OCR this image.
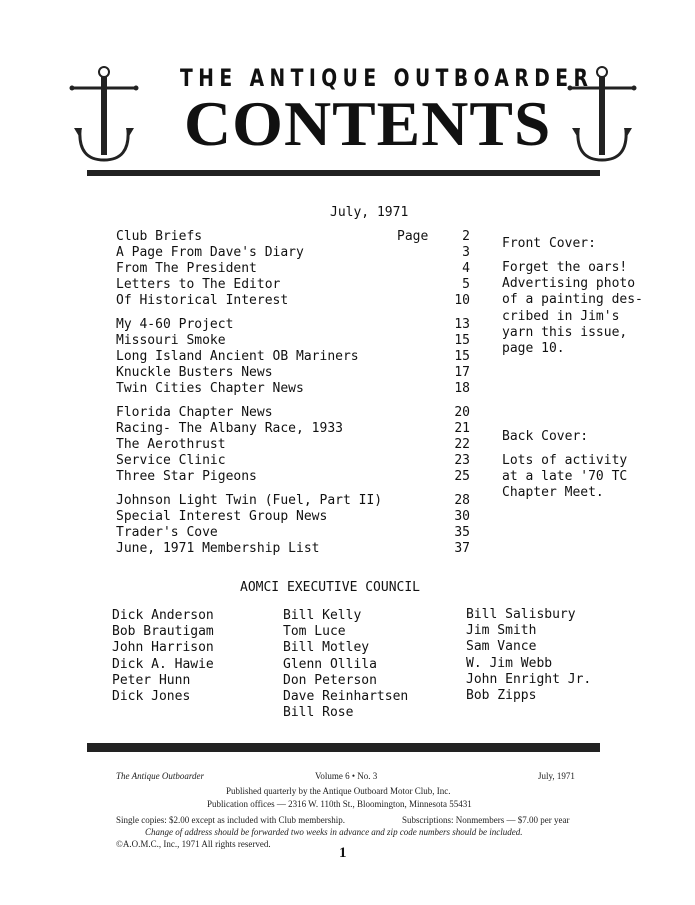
THE ANTIQUE OUTBOARDER
CONTENTS
July, 1971
Page
Club Briefs	2
A Page From Dave's Diary	3
From The President	4
Letters to The Editor	5
Of Historical Interest	10
My 4-60 Project	13
Missouri Smoke	15
Long Island Ancient OB Mariners	15
Knuckle Busters News	17
Twin Cities Chapter News	18
Florida Chapter News	20
Racing- The Albany Race, 1933	21
The Aerothrust	22
Service Clinic	23
Three Star Pigeons	25
Johnson Light Twin (Fuel, Part II)	28
Special Interest Group News	30
Trader's Cove	35
June, 1971 Membership List	37
Front Cover:
Forget the oars!
Advertising photo
of a painting des-
cribed in Jim's
yarn this issue,
page 10.
Back Cover:
Lots of activity
at a late '70 TC
Chapter Meet.
AOMCI EXECUTIVE COUNCIL
Dick Anderson
Bob Brautigam
John Harrison
Dick A. Hawie
Peter Hunn
Dick Jones
Bill Kelly
Tom Luce
Bill Motley
Glenn Ollila
Don Peterson
Dave Reinhartsen
Bill Rose
Bill Salisbury
Jim Smith
Sam Vance
W. Jim Webb
John Enright Jr.
Bob Zipps
The Antique Outboarder	Volume 6 • No. 3	July, 1971
Published quarterly by the Antique Outboard Motor Club, Inc.
Publication offices — 2316 W. 110th St., Bloomington, Minnesota 55431
Single copies: $2.00 except as included with Club membership.	Subscriptions: Nonmembers — $7.00 per year
Change of address should be forwarded two weeks in advance and zip code numbers should be included.
©A.O.M.C., Inc., 1971 All rights reserved.
1
